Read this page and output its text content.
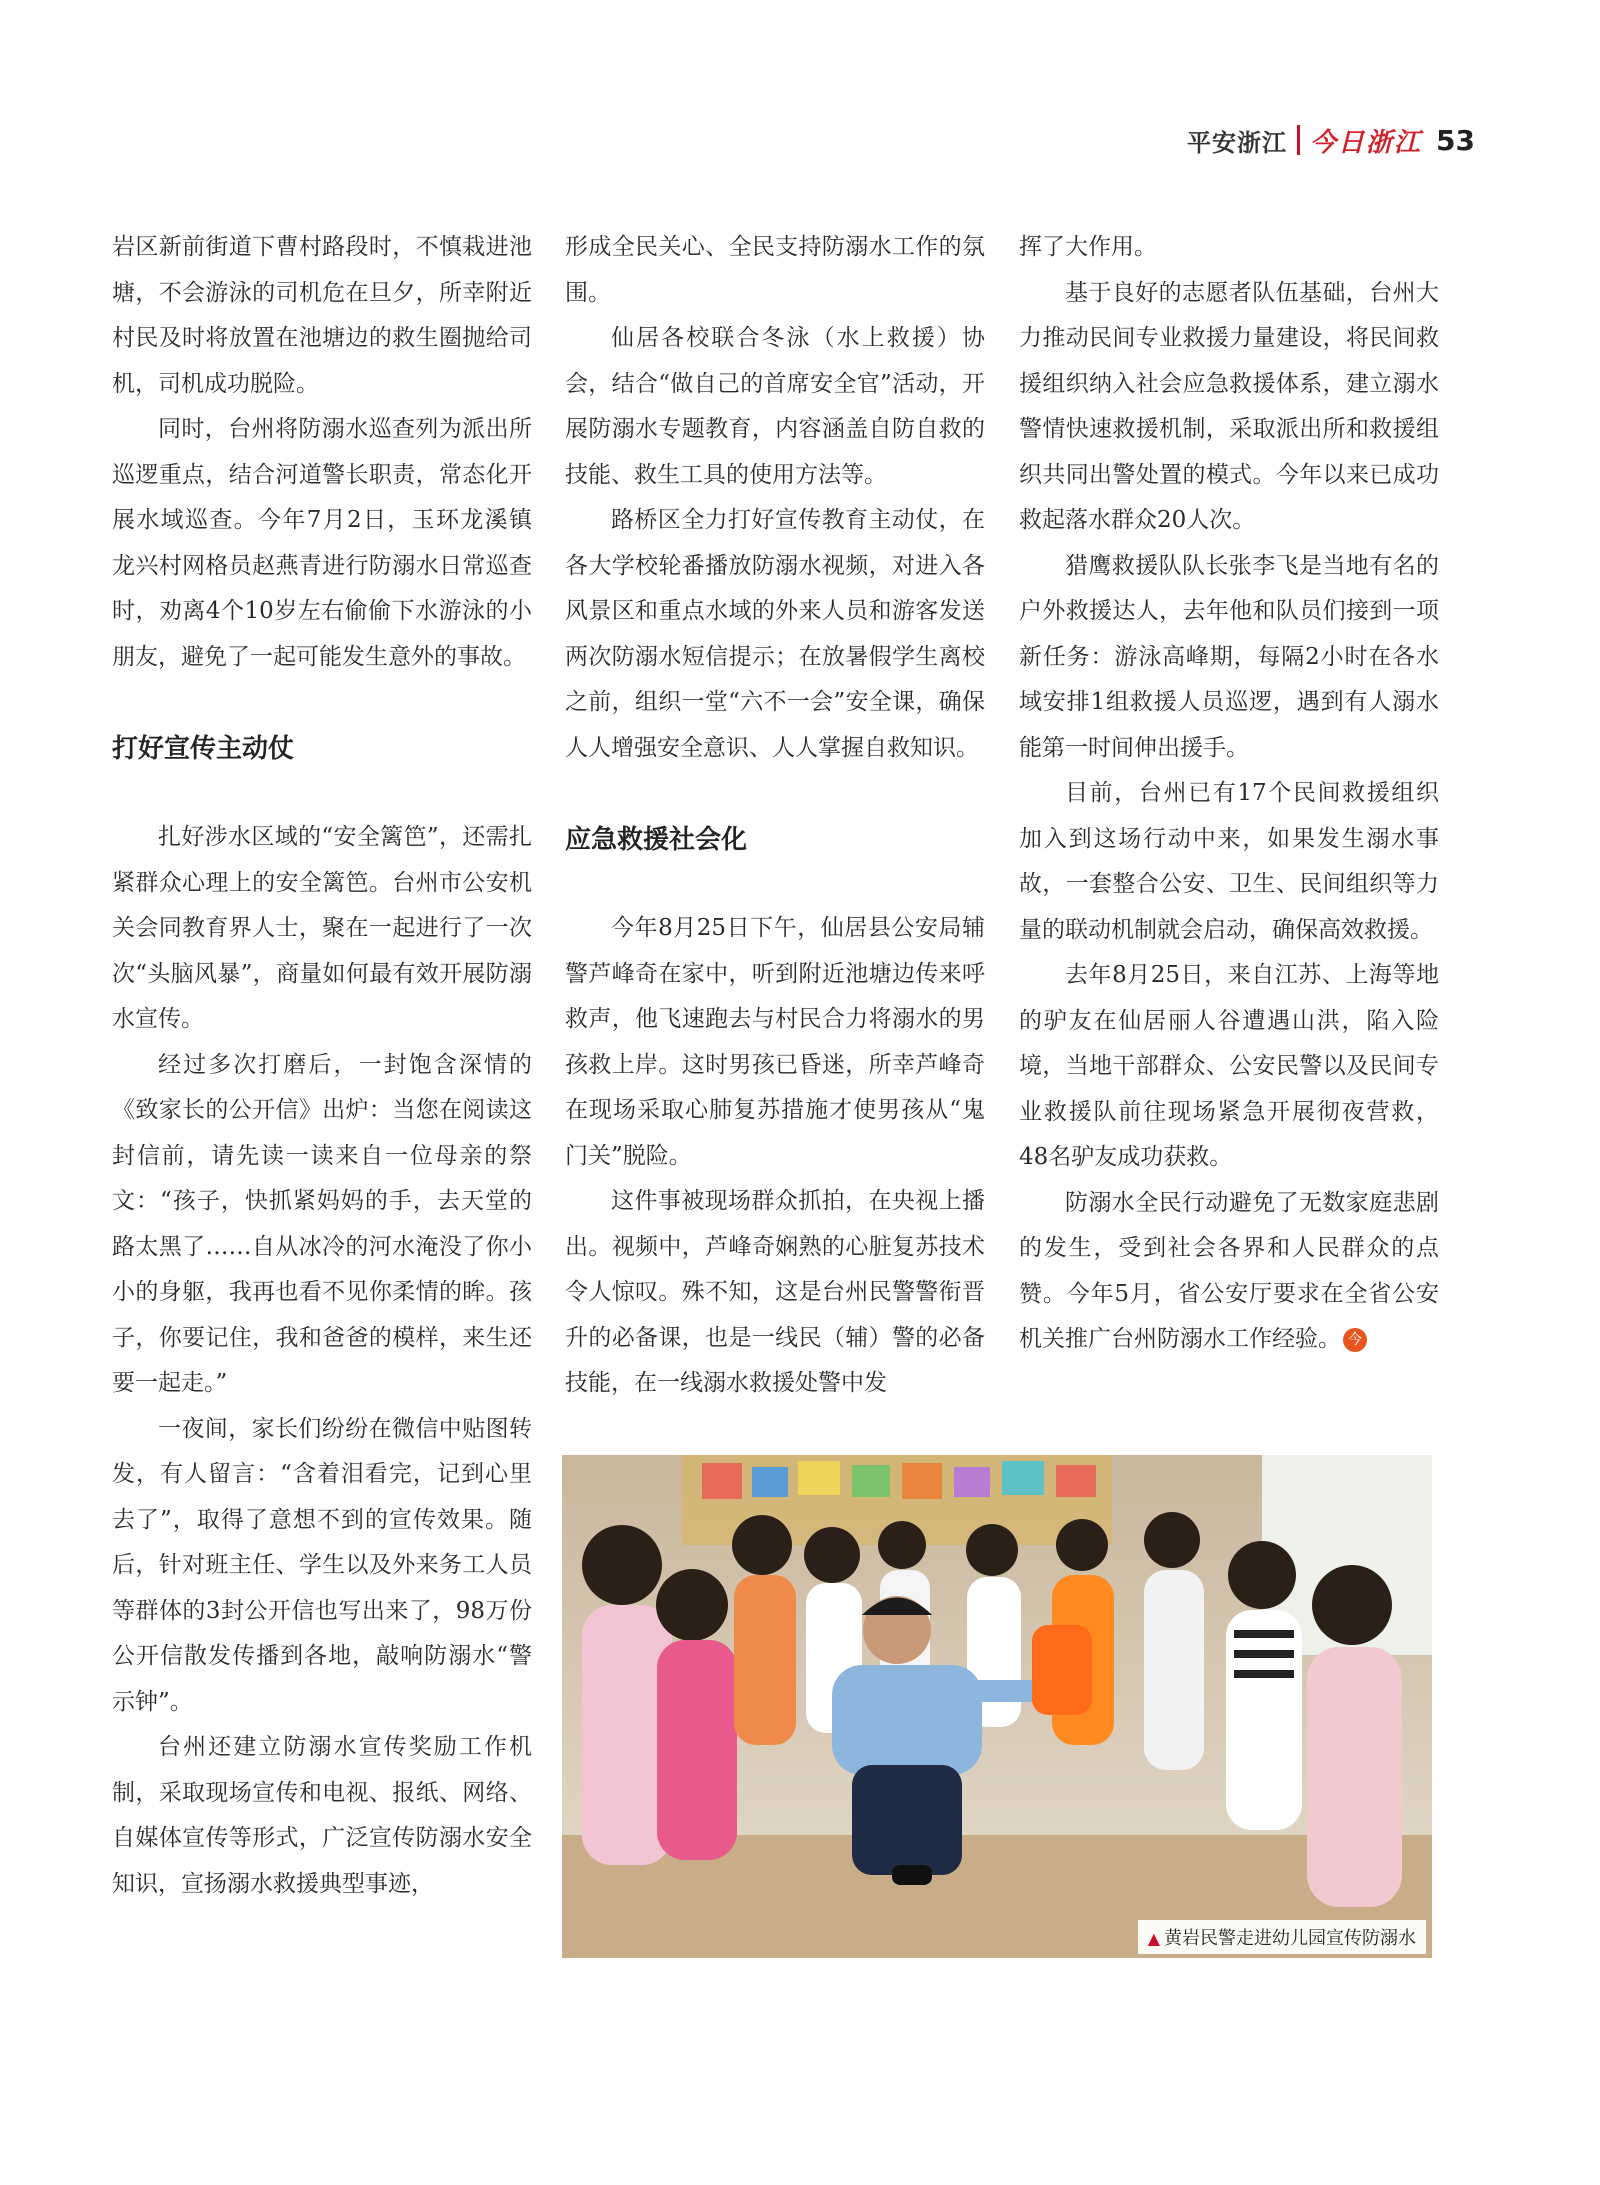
平安浙江 今日浙江 53

岩区新前街道下曹村路段时，不慎栽进池塘，不会游泳的司机危在旦夕，所幸附近村民及时将放置在池塘边的救生圈抛给司机，司机成功脱险。

同时，台州将防溺水巡查列为派出所巡逻重点，结合河道警长职责，常态化开展水域巡查。今年7月2日，玉环龙溪镇龙兴村网格员赵燕青进行防溺水日常巡查时，劝离4个10岁左右偷偷下水游泳的小朋友，避免了一起可能发生意外的事故。

打好宣传主动仗

扎好涉水区域的“安全篱笆”，还需扎紧群众心理上的安全篱笆。台州市公安机关会同教育界人士，聚在一起进行了一次次“头脑风暴”，商量如何最有效开展防溺水宣传。

经过多次打磨后，一封饱含深情的《致家长的公开信》出炉：当您在阅读这封信前，请先读一读来自一位母亲的祭文：“孩子，快抓紧妈妈的手，去天堂的路太黑了……自从冰冷的河水淹没了你小小的身躯，我再也看不见你柔情的眸。孩子，你要记住，我和爸爸的模样，来生还要一起走。”

一夜间，家长们纷纷在微信中贴图转发，有人留言：“含着泪看完，记到心里去了”，取得了意想不到的宣传效果。随后，针对班主任、学生以及外来务工人员等群体的3封公开信也写出来了，98万份公开信散发传播到各地，敲响防溺水“警示钟”。

台州还建立防溺水宣传奖励工作机制，采取现场宣传和电视、报纸、网络、自媒体宣传等形式，广泛宣传防溺水安全知识，宣扬溺水救援典型事迹，

形成全民关心、全民支持防溺水工作的氛围。

仙居各校联合冬泳（水上救援）协会，结合“做自己的首席安全官”活动，开展防溺水专题教育，内容涵盖自防自救的技能、救生工具的使用方法等。

路桥区全力打好宣传教育主动仗，在各大学校轮番播放防溺水视频，对进入各风景区和重点水域的外来人员和游客发送两次防溺水短信提示；在放暑假学生离校之前，组织一堂“六不一会”安全课，确保人人增强安全意识、人人掌握自救知识。

应急救援社会化

今年8月25日下午，仙居县公安局辅警芦峰奇在家中，听到附近池塘边传来呼救声，他飞速跑去与村民合力将溺水的男孩救上岸。这时男孩已昏迷，所幸芦峰奇在现场采取心肺复苏措施才使男孩从“鬼门关”脱险。

这件事被现场群众抓拍，在央视上播出。视频中，芦峰奇娴熟的心脏复苏技术令人惊叹。殊不知，这是台州民警警衔晋升的必备课，也是一线民（辅）警的必备技能，在一线溺水救援处警中发

挥了大作用。

基于良好的志愿者队伍基础，台州大力推动民间专业救援力量建设，将民间救援组织纳入社会应急救援体系，建立溺水警情快速救援机制，采取派出所和救援组织共同出警处置的模式。今年以来已成功救起落水群众20人次。

猎鹰救援队队长张李飞是当地有名的户外救援达人，去年他和队员们接到一项新任务：游泳高峰期，每隔2小时在各水域安排1组救援人员巡逻，遇到有人溺水能第一时间伸出援手。

目前，台州已有17个民间救援组织加入到这场行动中来，如果发生溺水事故，一套整合公安、卫生、民间组织等力量的联动机制就会启动，确保高效救援。

去年8月25日，来自江苏、上海等地的驴友在仙居丽人谷遭遇山洪，陷入险境，当地干部群众、公安民警以及民间专业救援队前往现场紧急开展彻夜营救，48名驴友成功获救。

防溺水全民行动避免了无数家庭悲剧的发生，受到社会各界和人民群众的点赞。今年5月，省公安厅要求在全省公安机关推广台州防溺水工作经验。 今

▲ 黄岩民警走进幼儿园宣传防溺水
